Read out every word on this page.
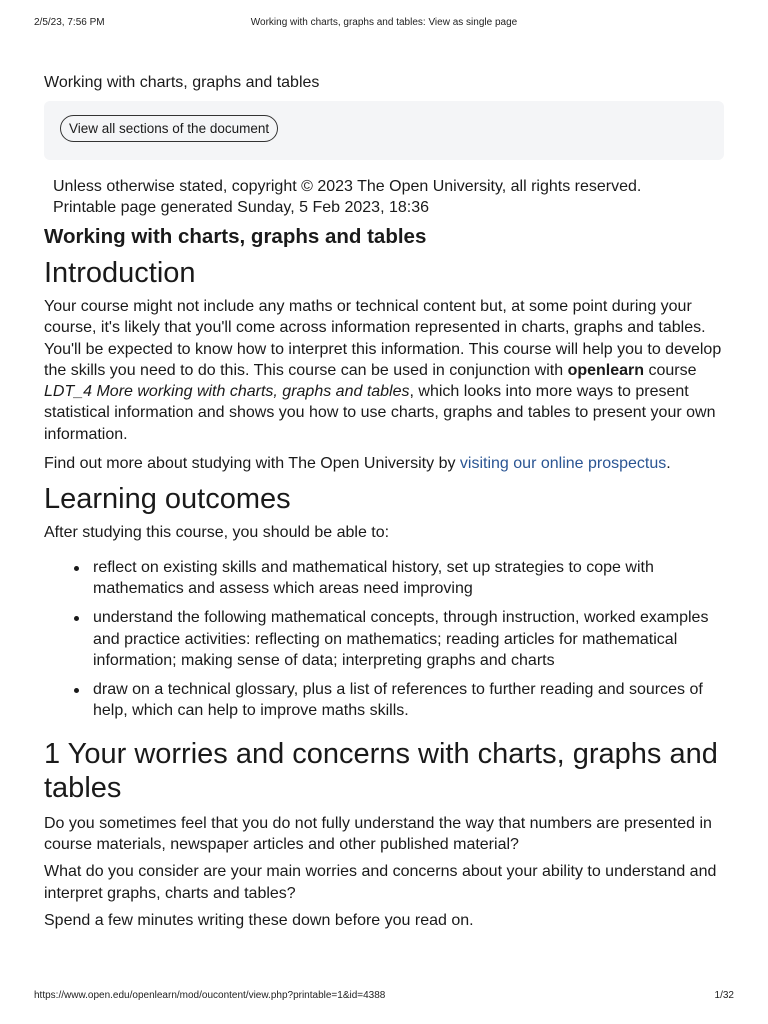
2/5/23, 7:56 PM	Working with charts, graphs and tables: View as single page
Working with charts, graphs and tables
View all sections of the document
Unless otherwise stated, copyright © 2023 The Open University, all rights reserved.
Printable page generated Sunday, 5 Feb 2023, 18:36
Working with charts, graphs and tables
Introduction

Your course might not include any maths or technical content but, at some point during your course, it's likely that you'll come across information represented in charts, graphs and tables. You'll be expected to know how to interpret this information. This course will help you to develop the skills you need to do this. This course can be used in conjunction with openlearn course LDT_4 More working with charts, graphs and tables, which looks into more ways to present statistical information and shows you how to use charts, graphs and tables to present your own information.

Find out more about studying with The Open University by visiting our online prospectus.

Learning outcomes

After studying this course, you should be able to:

reflect on existing skills and mathematical history, set up strategies to cope with mathematics and assess which areas need improving
understand the following mathematical concepts, through instruction, worked examples and practice activities: reflecting on mathematics; reading articles for mathematical information; making sense of data; interpreting graphs and charts
draw on a technical glossary, plus a list of references to further reading and sources of help, which can help to improve maths skills.
1 Your worries and concerns with charts, graphs and tables

Do you sometimes feel that you do not fully understand the way that numbers are presented in course materials, newspaper articles and other published material?

What do you consider are your main worries and concerns about your ability to understand and interpret graphs, charts and tables?

Spend a few minutes writing these down before you read on.

https://www.open.edu/openlearn/mod/oucontent/view.php?printable=1&id=4388	1/32
